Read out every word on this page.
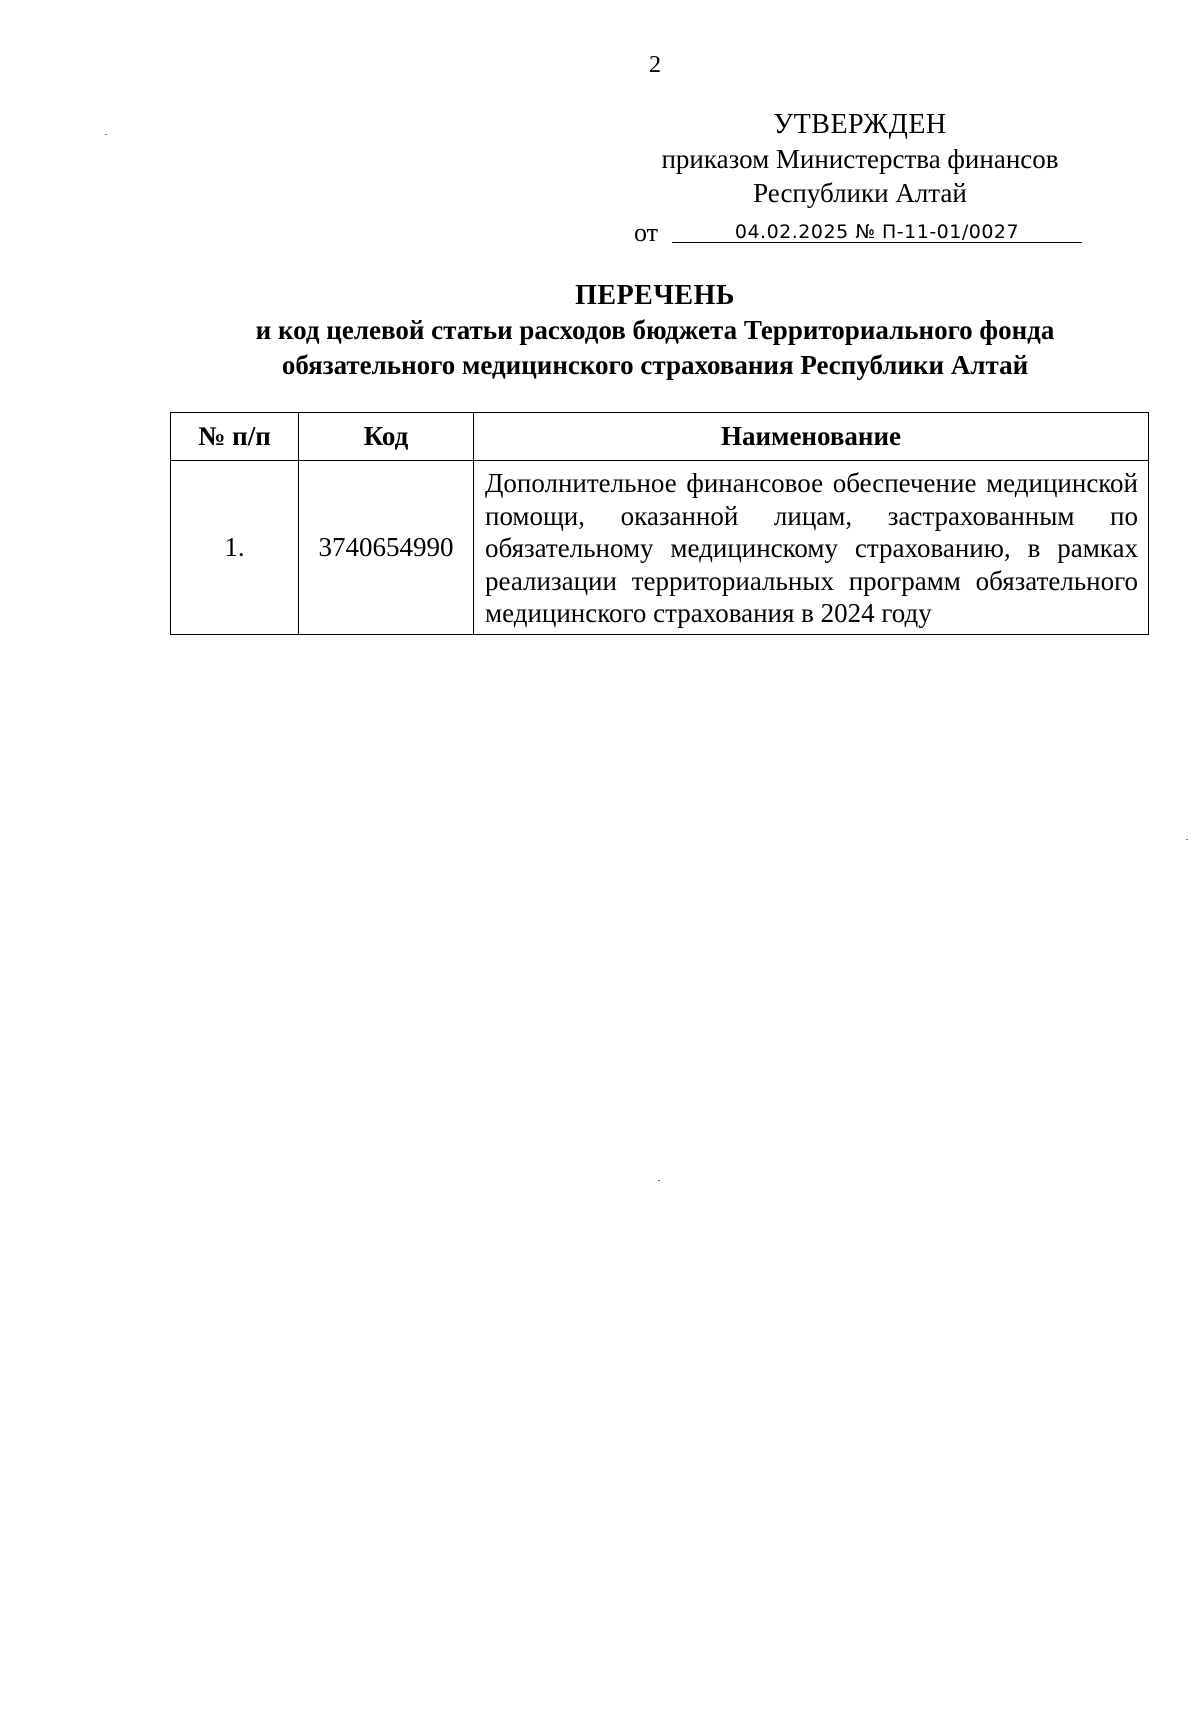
2
УТВЕРЖДЕН
приказом Министерства финансов
Республики Алтай
от	04.02.2025 № П-11-01/0027
ПЕРЕЧЕНЬ
и код целевой статьи расходов бюджета Территориального фонда
обязательного медицинского страхования Республики Алтай
№ п/п	Код	Наименование
1.	3740654990	Дополнительное финансовое обеспечение медицинской помощи, оказанной лицам, застрахованным по обязательному медицинскому страхованию, в рамках реализации территориальных программ обязательного медицинского страхования в 2024 году
